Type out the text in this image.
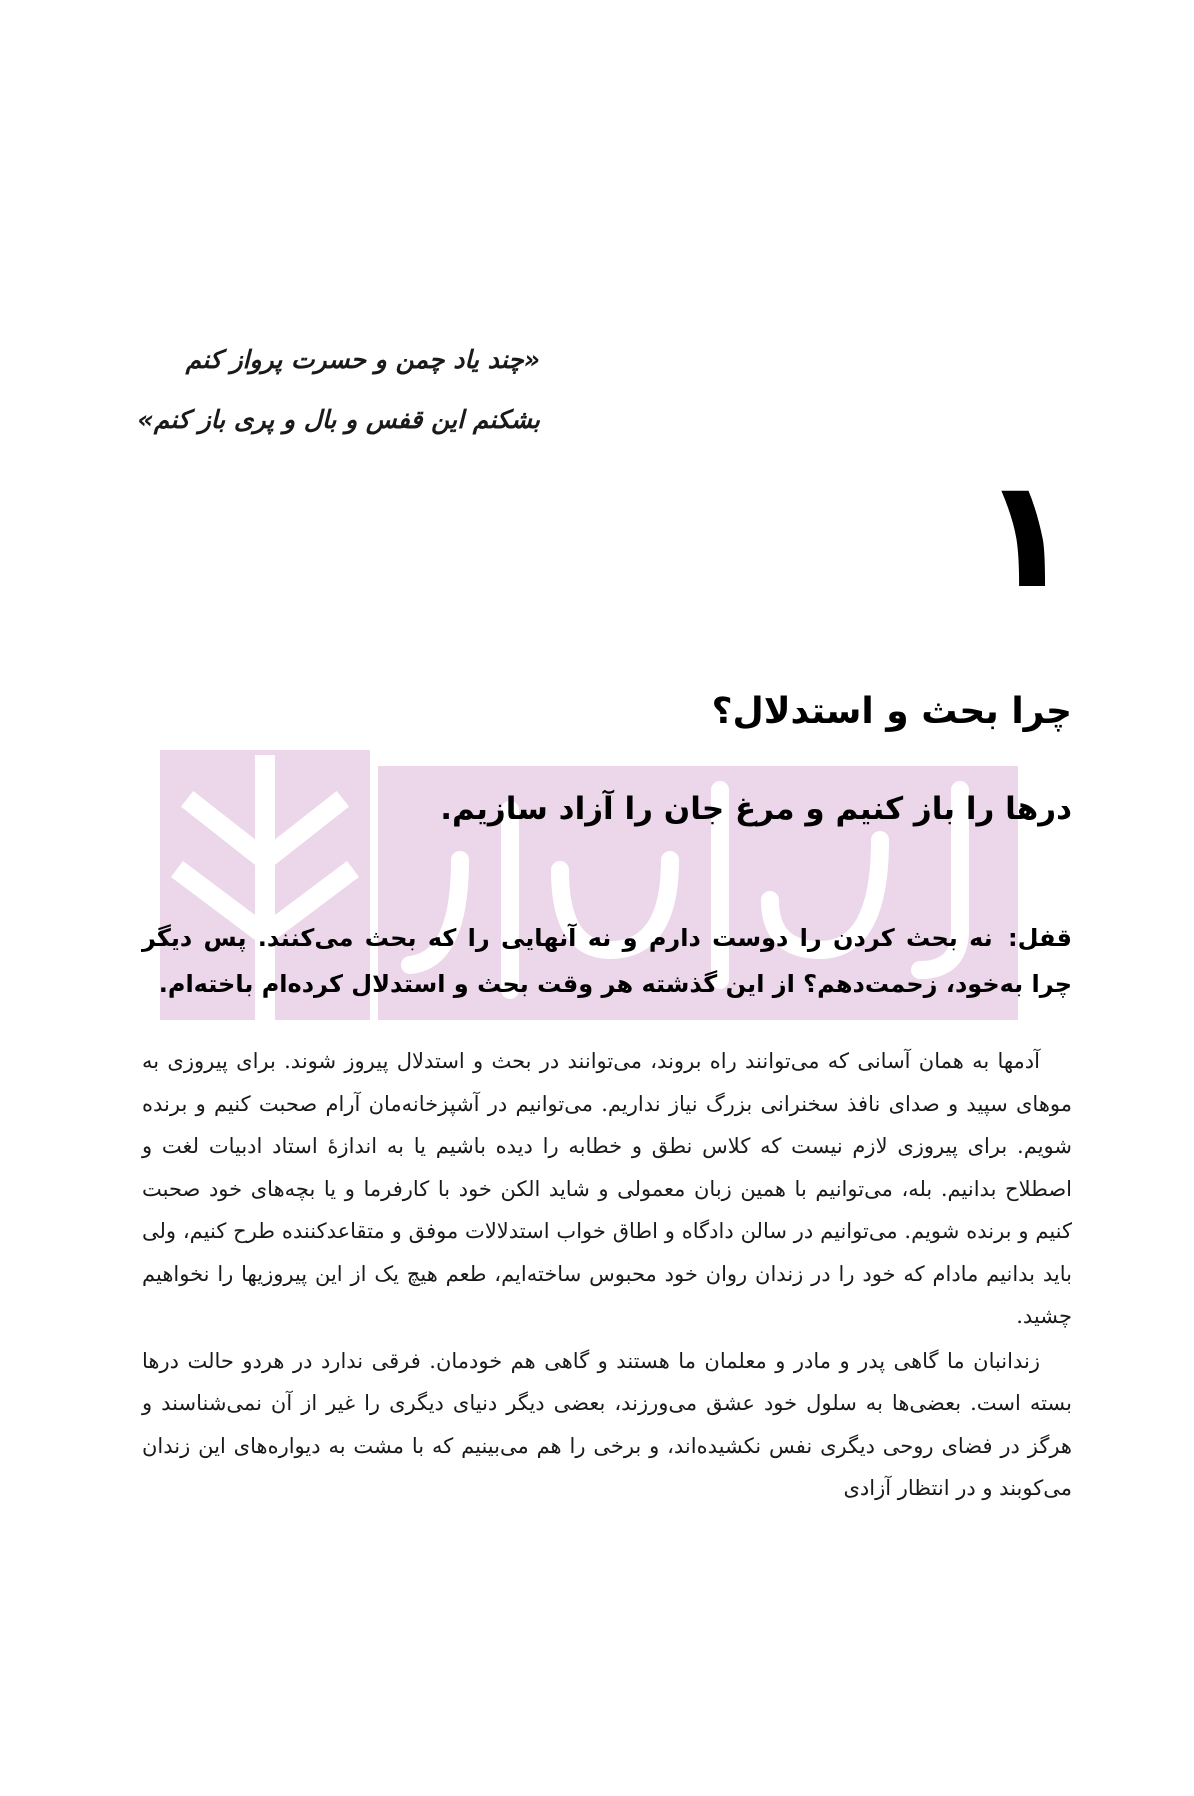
«چند یاد چمن و حسرت پرواز کنم
بشکنم این قفس و بال و پری باز کنم»
۱
چرا بحث و استدلال؟
درها را باز کنیم و مرغ جان را آزاد سازیم.
قفل: نه بحث کردن را دوست دارم و نه آنهایی را که بحث می‌کنند. پس دیگر چرا به‌خود، زحمت‌دهم؟ از این گذشته هر وقت بحث و استدلال کرده‌ام باخته‌ام.

آدمها به همان آسانی که می‌توانند راه بروند، می‌توانند در بحث و استدلال پیروز شوند. برای پیروزی به موهای سپید و صدای نافذ سخنرانی بزرگ نیاز نداریم. می‌توانیم در آشپزخانه‌مان آرام صحبت کنیم و برنده شویم. برای پیروزی لازم نیست که کلاس نطق و خطابه را دیده باشیم یا به اندازهٔ استاد ادبیات لغت و اصطلاح بدانیم. بله، می‌توانیم با همین زبان معمولی و شاید الکن خود با کارفرما و یا بچه‌های خود صحبت کنیم و برنده شویم. می‌توانیم در سالن دادگاه و اطاق خواب استدلالات موفق و متقاعدکننده طرح کنیم، ولی باید بدانیم مادام که خود را در زندان روان خود محبوس ساخته‌ایم، طعم هیچ یک از این پیروزیها را نخواهیم چشید.

زندانبان ما گاهی پدر و مادر و معلمان ما هستند و گاهی هم خودمان. فرقی ندارد در هردو حالت درها بسته است. بعضی‌ها به سلول خود عشق می‌ورزند، بعضی دیگر دنیای دیگری را غیر از آن نمی‌شناسند و هرگز در فضای روحی دیگری نفس نکشیده‌اند، و برخی را هم می‌بینیم که با مشت به دیواره‌های این زندان می‌کوبند و در انتظار آزادی
